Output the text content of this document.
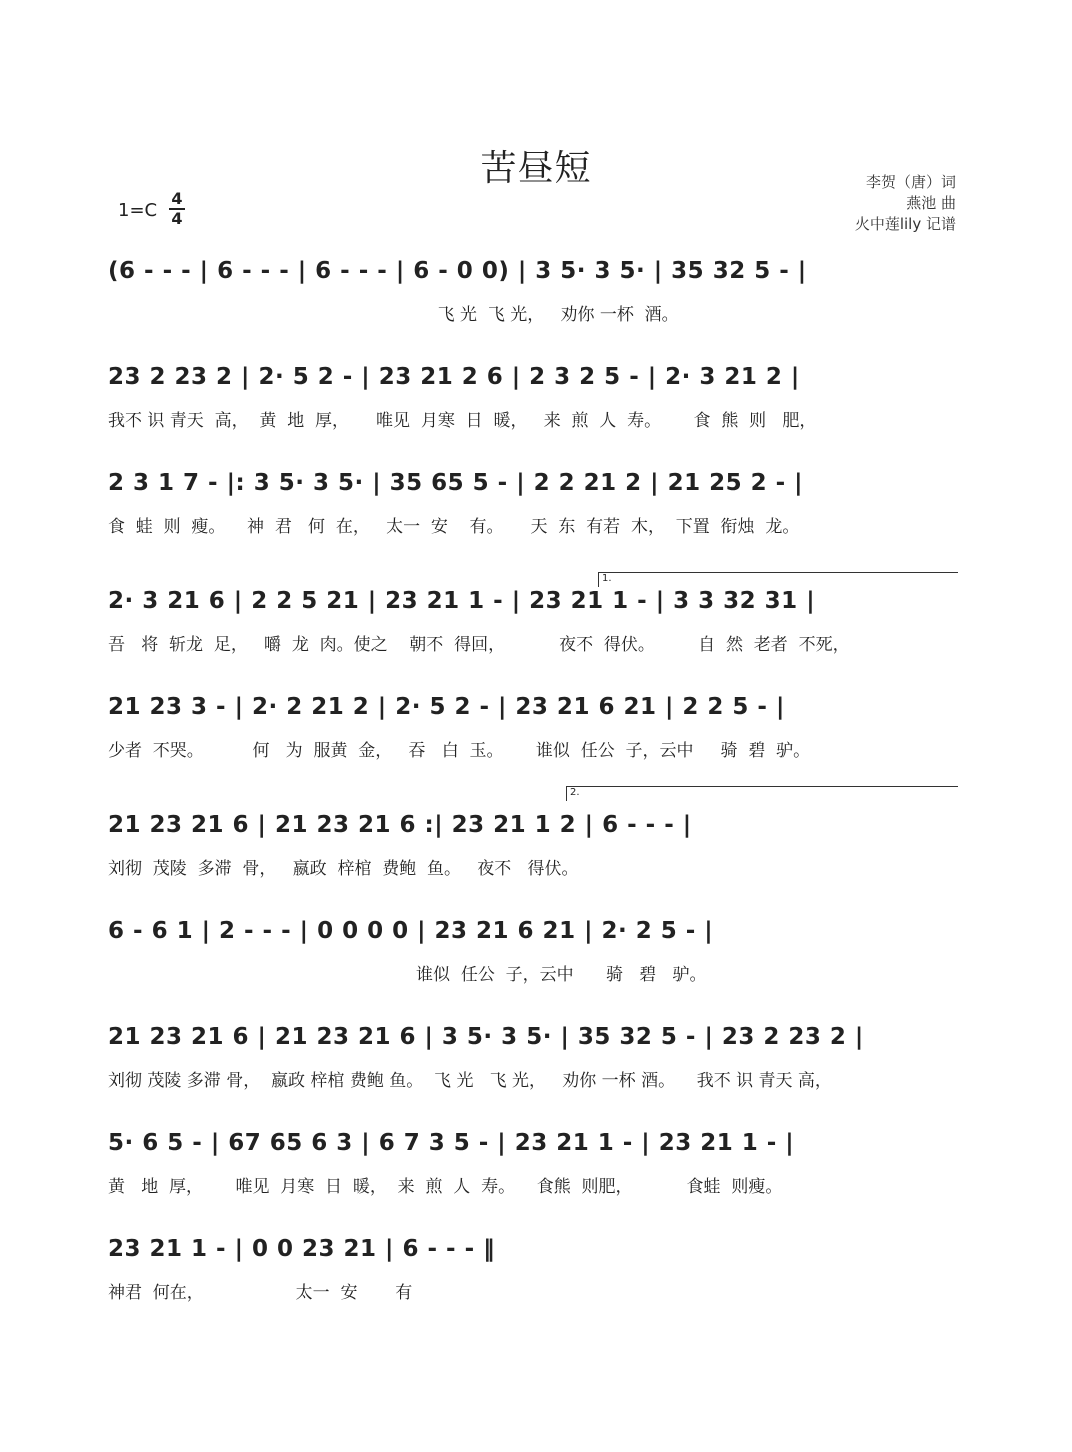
苦昼短	李贺（唐）词
燕池 曲
火中莲lily 记谱
1=C
4
4
1.
2.
(6 - - - | 6 - - - | 6 - - - | 6 - 0 0) | 3 5· 3 5· | 35 32 5 - |
飞 光  飞 光，   劝你 一杯  酒。
23 2 23 2 | 2· 5 2 - | 23 21 2 6 | 2 3 2 5 - | 2· 3 21 2 |
我不 识 青天  高，  黄  地  厚，     唯见  月寒  日  暖，   来  煎  人  寿。      食  熊  则   肥，
2 3 1 7 - |: 3 5· 3 5· | 35 65 5 - | 2 2 21 2 | 21 25 2 - |
食  蛙  则  瘦。    神  君   何  在，   太一  安    有。     天  东  有若  木，  下置  衔烛  龙。
2· 3 21 6 | 2 2 5 21 | 23 21 1 - | 23 21 1 - | 3 3 32 31 |
吾   将  斩龙  足，   嚼  龙  肉。使之    朝不  得回，          夜不  得伏。        自  然  老者  不死，
21 23 3 - | 2· 2 21 2 | 2· 5 2 - | 23 21 6 21 | 2 2 5 - |
少者  不哭。         何   为  服黄  金，   吞   白  玉。      谁似  任公  子，云中     骑  碧  驴。
21 23 21 6 | 21 23 21 6 :| 23 21 1 2 | 6 - - - |
刘彻  茂陵  多滞  骨，   嬴政  梓棺  费鲍  鱼。   夜不   得伏。
6 - 6 1 | 2 - - - | 0 0 0 0 | 23 21 6 21 | 2· 2 5 - |
谁似  任公  子，云中      骑   碧   驴。
21 23 21 6 | 21 23 21 6 | 3 5· 3 5· | 35 32 5 - | 23 2 23 2 |
刘彻 茂陵 多滞 骨，  嬴政 梓棺 费鲍 鱼。  飞 光   飞 光，   劝你 一杯 酒。    我不 识 青天 高，
5· 6 5 - | 67 65 6 3 | 6 7 3 5 - | 23 21 1 - | 23 21 1 - |
黄   地  厚，      唯见  月寒  日  暖，  来  煎  人  寿。    食熊  则肥，          食蛙  则瘦。
23 21 1 - | 0 0 23 21 | 6 - - - ‖
神君  何在，                 太一  安       有
